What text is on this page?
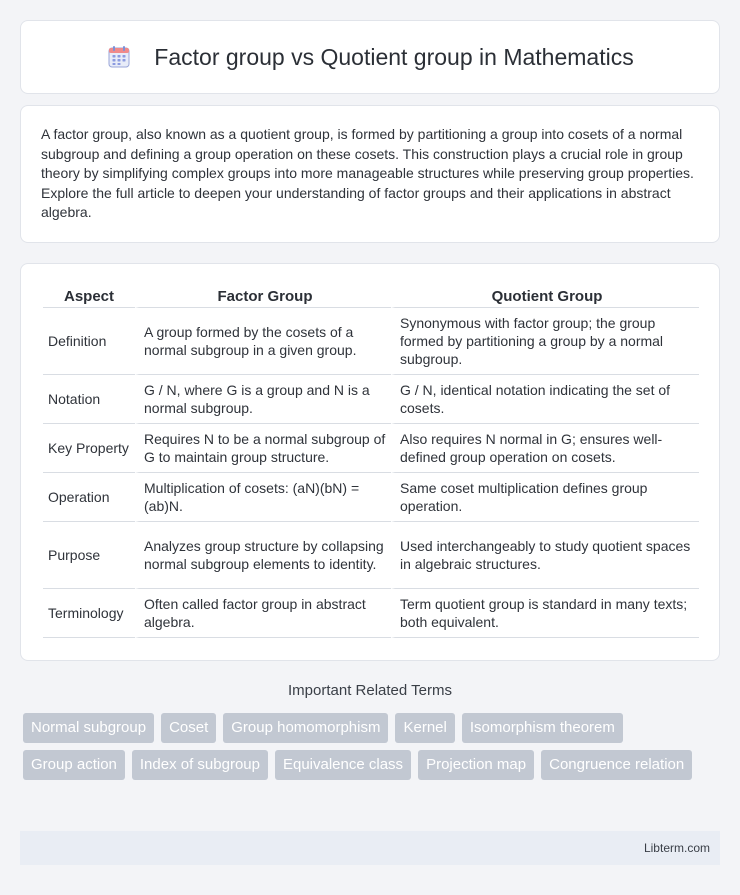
Factor group vs Quotient group in Mathematics

A factor group, also known as a quotient group, is formed by partitioning a group into cosets of a normal subgroup and defining a group operation on these cosets. This construction plays a crucial role in group theory by simplifying complex groups into more manageable structures while preserving group properties. Explore the full article to deepen your understanding of factor groups and their applications in abstract algebra.

Aspect	Factor Group	Quotient Group
Definition	A group formed by the cosets of a normal subgroup in a given group.	Synonymous with factor group; the group formed by partitioning a group by a normal subgroup.
Notation	G / N, where G is a group and N is a normal subgroup.	G / N, identical notation indicating the set of cosets.
Key Property	Requires N to be a normal subgroup of G to maintain group structure.	Also requires N normal in G; ensures well-defined group operation on cosets.
Operation	Multiplication of cosets: (aN)(bN) = (ab)N.	Same coset multiplication defines group operation.
Purpose	Analyzes group structure by collapsing normal subgroup elements to identity.	Used interchangeably to study quotient spaces in algebraic structures.
Terminology	Often called factor group in abstract algebra.	Term quotient group is standard in many texts; both equivalent.
Important Related Terms
Normal subgroup	Coset	Group homomorphism	Kernel	Isomorphism theorem
Group action	Index of subgroup	Equivalence class	Projection map	Congruence relation
Libterm.com
